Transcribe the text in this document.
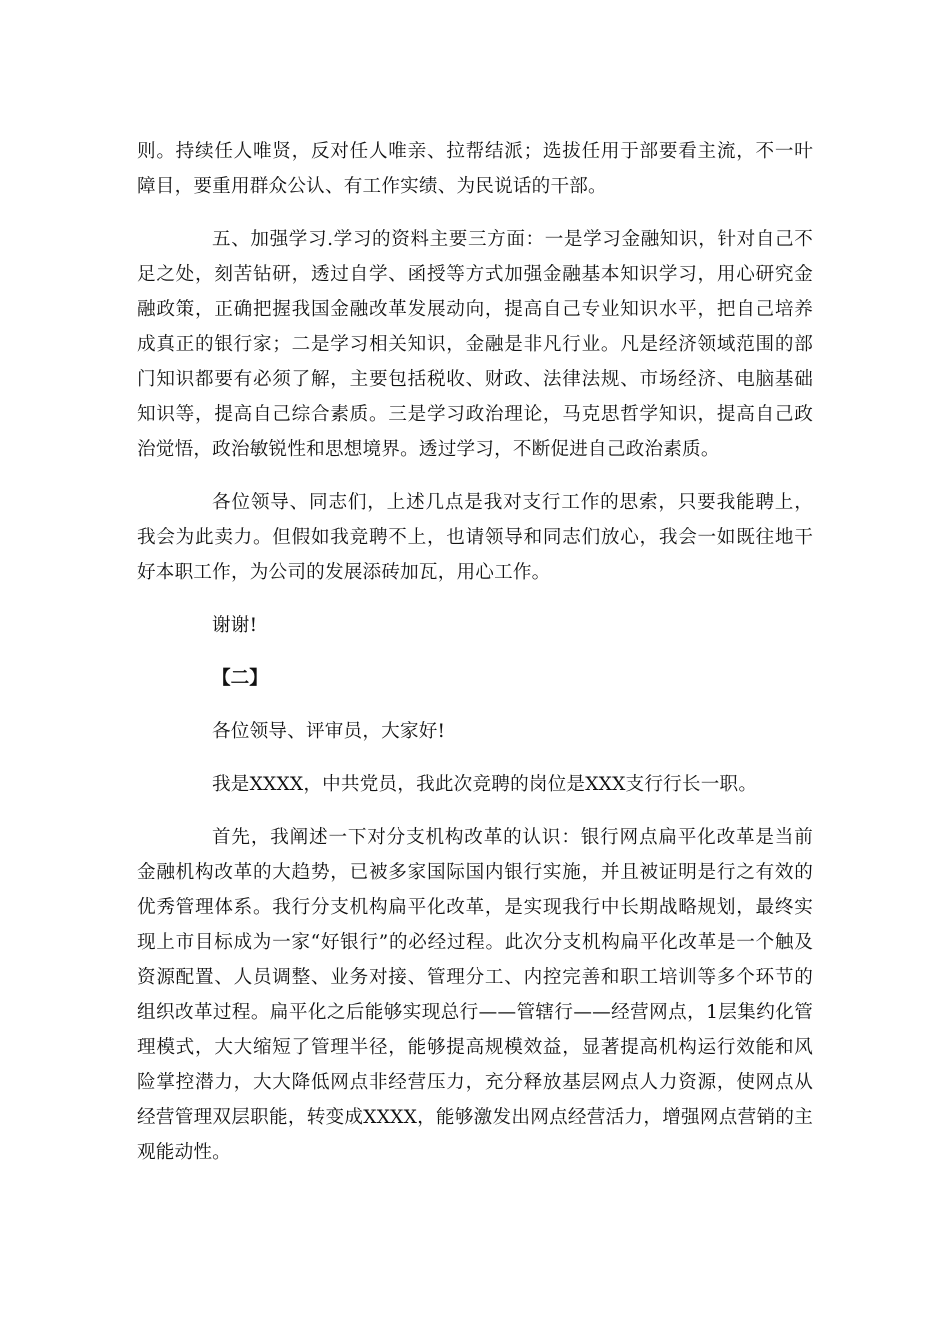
则。持续任人唯贤，反对任人唯亲、拉帮结派；选拔任用于部要看主流，不一叶障目，要重用群众公认、有工作实绩、为民说话的干部。

五、加强学习.学习的资料主要三方面：一是学习金融知识，针对自己不足之处，刻苦钻研，透过自学、函授等方式加强金融基本知识学习，用心研究金融政策，正确把握我国金融改革发展动向，提高自己专业知识水平，把自己培养成真正的银行家；二是学习相关知识，金融是非凡行业。凡是经济领域范围的部门知识都要有必须了解，主要包括税收、财政、法律法规、市场经济、电脑基础知识等，提高自己综合素质。三是学习政治理论，马克思哲学知识，提高自己政治觉悟，政治敏锐性和思想境界。透过学习，不断促进自己政治素质。

各位领导、同志们，上述几点是我对支行工作的思索，只要我能聘上，我会为此卖力。但假如我竞聘不上，也请领导和同志们放心，我会一如既往地干好本职工作，为公司的发展添砖加瓦，用心工作。

谢谢!

【二】

各位领导、评审员，大家好!

我是XXXX，中共党员，我此次竞聘的岗位是XXX支行行长一职。

首先，我阐述一下对分支机构改革的认识：银行网点扁平化改革是当前金融机构改革的大趋势，已被多家国际国内银行实施，并且被证明是行之有效的优秀管理体系。我行分支机构扁平化改革，是实现我行中长期战略规划，最终实现上市目标成为一家“好银行”的必经过程。此次分支机构扁平化改革是一个触及资源配置、人员调整、业务对接、管理分工、内控完善和职工培训等多个环节的组织改革过程。扁平化之后能够实现总行——管辖行——经营网点，1层集约化管理模式，大大缩短了管理半径，能够提高规模效益，显著提高机构运行效能和风险掌控潜力，大大降低网点非经营压力，充分释放基层网点人力资源，使网点从经营管理双层职能，转变成XXXX，能够激发出网点经营活力，增强网点营销的主观能动性。
